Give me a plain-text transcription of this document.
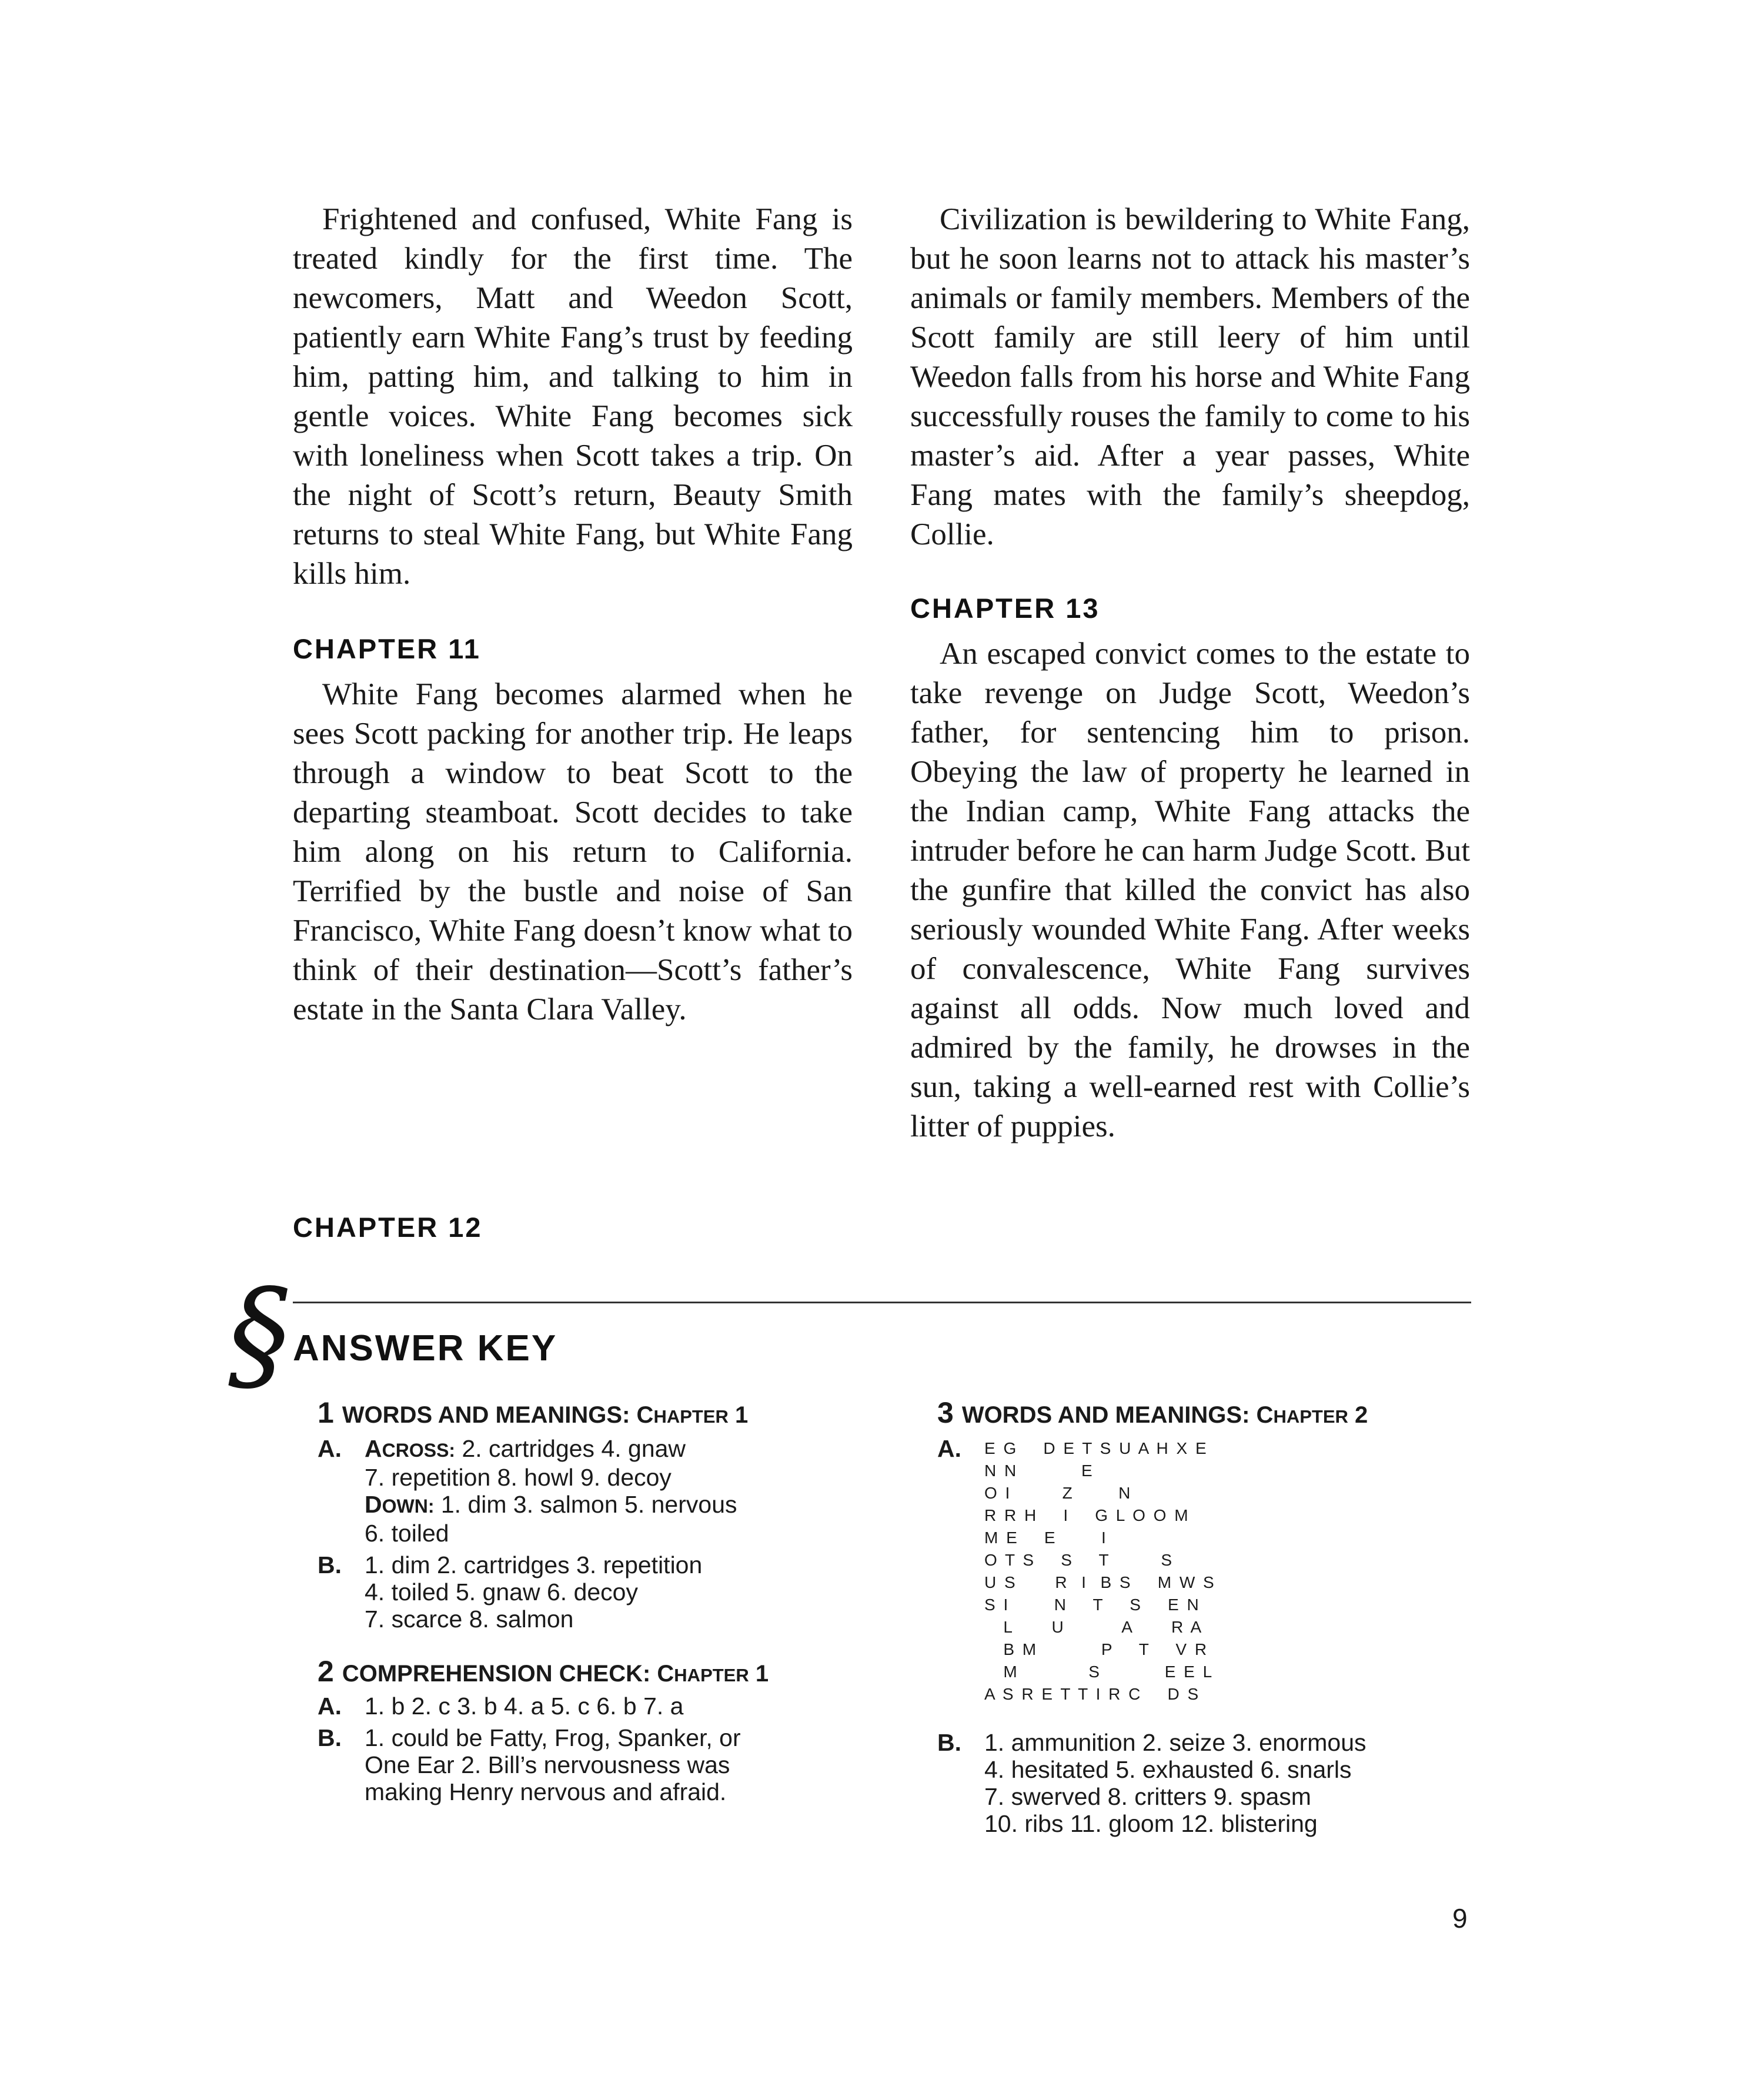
Frightened and confused, White Fang is treated kindly for the first time. The newcomers, Matt and Weedon Scott, patiently earn White Fang’s trust by feeding him, patting him, and talking to him in gentle voices. White Fang becomes sick with loneliness when Scott takes a trip. On the night of Scott’s return, Beauty Smith returns to steal White Fang, but White Fang kills him.

CHAPTER 11

White Fang becomes alarmed when he sees Scott packing for another trip. He leaps through a window to beat Scott to the departing steamboat. Scott decides to take him along on his return to California. Terrified by the bustle and noise of San Francisco, White Fang doesn’t know what to think of their destination—Scott’s father’s estate in the Santa Clara Valley.

CHAPTER 12

Civilization is bewildering to White Fang, but he soon learns not to attack his master’s animals or family members. Members of the Scott family are still leery of him until Weedon falls from his horse and White Fang successfully rouses the family to come to his master’s aid. After a year passes, White Fang mates with the family’s sheepdog, Collie.

CHAPTER 13

An escaped convict comes to the estate to take revenge on Judge Scott, Weedon’s father, for sentencing him to prison. Obeying the law of property he learned in the Indian camp, White Fang attacks the intruder before he can harm Judge Scott. But the gunfire that killed the convict has also seriously wounded White Fang. After weeks of convalescence, White Fang survives against all odds. Now much loved and admired by the family, he drowses in the sun, taking a well-earned rest with Collie’s litter of puppies.

§ ANSWER KEY
1 WORDS AND MEANINGS: CHAPTER 1
A. ACROSS: 2. cartridges 4. gnaw
7. repetition 8. howl 9. decoy
DOWN: 1. dim 3. salmon 5. nervous
6. toiled
B. 1. dim 2. cartridges 3. repetition
4. toiled 5. gnaw 6. decoy
7. scarce 8. salmon
2 COMPREHENSION CHECK: CHAPTER 1
A. 1. b 2. c 3. b 4. a 5. c 6. b 7. a
B. 1. could be Fatty, Frog, Spanker, or
One Ear 2. Bill’s nervousness was
making Henry nervous and afraid.
3 WORDS AND MEANINGS: CHAPTER 2
A. E G    D E T S U A H X E
N N          E
O I        Z       N
R R H    I    G L O O M
M E    E       I
O T S    S    T        S
U S      R  I  B S    M W S
S I       N    T    S    E N
L      U         A      R A
B M          P    T    V R
M           S          E E L
A S R E T T I R C    D S
B. 1. ammunition 2. seize 3. enormous
4. hesitated 5. exhausted 6. snarls
7. swerved 8. critters 9. spasm
10. ribs 11. gloom 12. blistering
9
